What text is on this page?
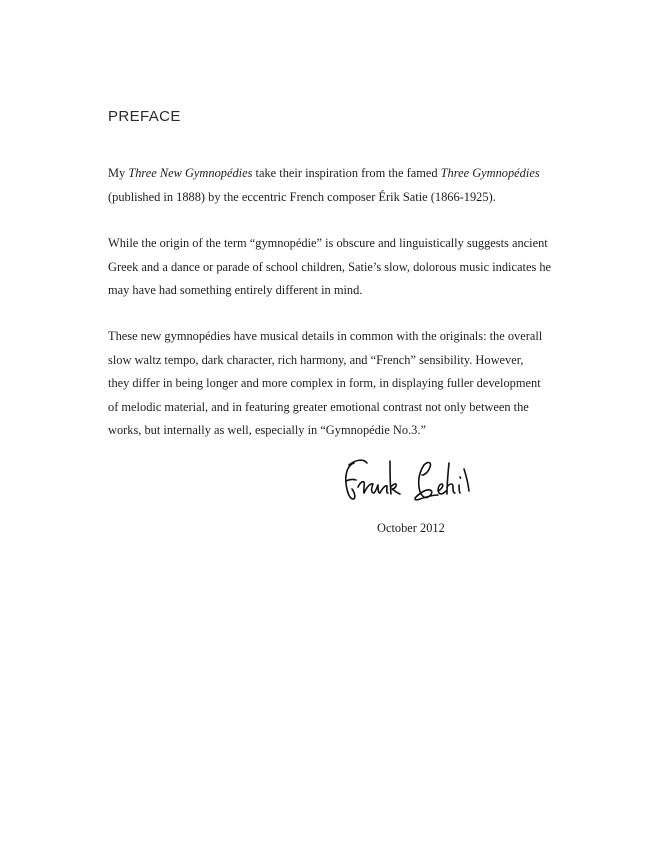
PREFACE

My Three New Gymnopédies take their inspiration from the famed Three Gymnopédies
(published in 1888) by the eccentric French composer Érik Satie (1866-1925).

While the origin of the term “gymnopédie” is obscure and linguistically suggests ancient
Greek and a dance or parade of school children, Satie’s slow, dolorous music indicates he
may have had something entirely different in mind.

These new gymnopédies have musical details in common with the originals: the overall
slow waltz tempo, dark character, rich harmony, and “French” sensibility. However,
they differ in being longer and more complex in form, in displaying fuller development
of melodic material, and in featuring greater emotional contrast not only between the
works, but internally as well, especially in “Gymnopédie No.3.”

October 2012
